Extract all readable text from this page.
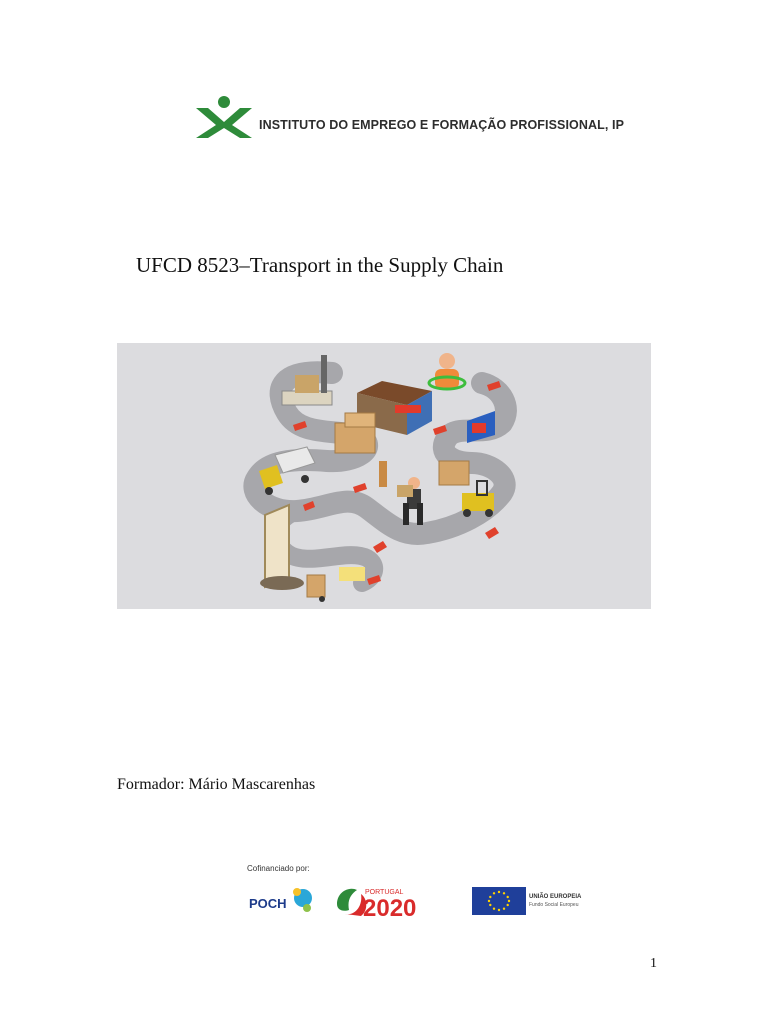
INSTITUTO DO EMPREGO E FORMAÇÃO PROFISSIONAL, IP
UFCD 8523–Transport in the Supply Chain
Formador: Mário Mascarenhas
Cofinanciado por:
POCH
PORTUGAL
2020	UNIÃO EUROPEIA
Fundo Social Europeu
1
